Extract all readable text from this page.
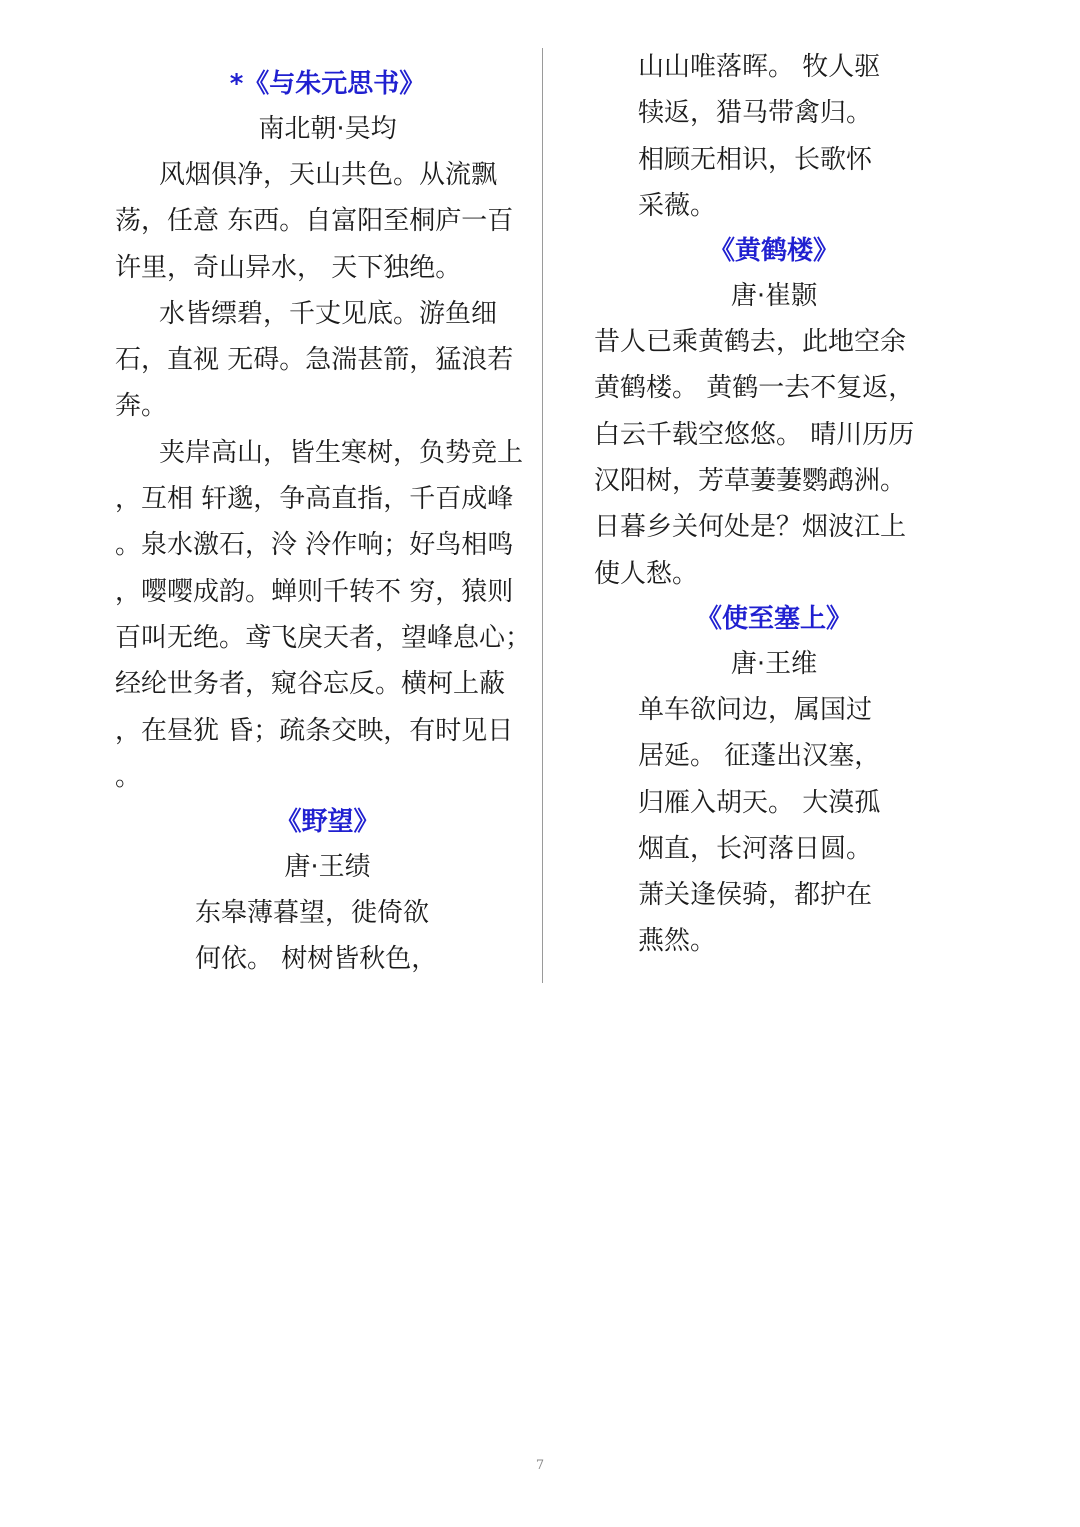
*《与朱元思书》
南北朝·吴均
风烟俱净，天山共色。从流飘
荡，任意 东西。自富阳至桐庐一百
许里，奇山异水， 天下独绝。
水皆缥碧，千丈见底。游鱼细
石，直视 无碍。急湍甚箭，猛浪若
奔。
夹岸高山，皆生寒树，负势竞上
，互相 轩邈，争高直指，千百成峰
。泉水激石，泠 泠作响；好鸟相鸣
，嘤嘤成韵。蝉则千转不 穷，猿则
百叫无绝。鸢飞戾天者，望峰息心；
经纶世务者，窥谷忘反。横柯上蔽
，在昼犹 昏；疏条交映，有时见日
。
《野望》
唐·王绩
东皋薄暮望，徙倚欲
何依。 树树皆秋色，
山山唯落晖。 牧人驱
犊返，猎马带禽归。
相顾无相识，长歌怀
采薇。
《黄鹤楼》
唐·崔颢
昔人已乘黄鹤去，此地空余
黄鹤楼。 黄鹤一去不复返，
白云千载空悠悠。 晴川历历
汉阳树，芳草萋萋鹦鹉洲。
日暮乡关何处是？烟波江上
使人愁。
《使至塞上》
唐·王维
单车欲问边，属国过
居延。 征蓬出汉塞，
归雁入胡天。 大漠孤
烟直，长河落日圆。
萧关逢侯骑，都护在
燕然。
7
